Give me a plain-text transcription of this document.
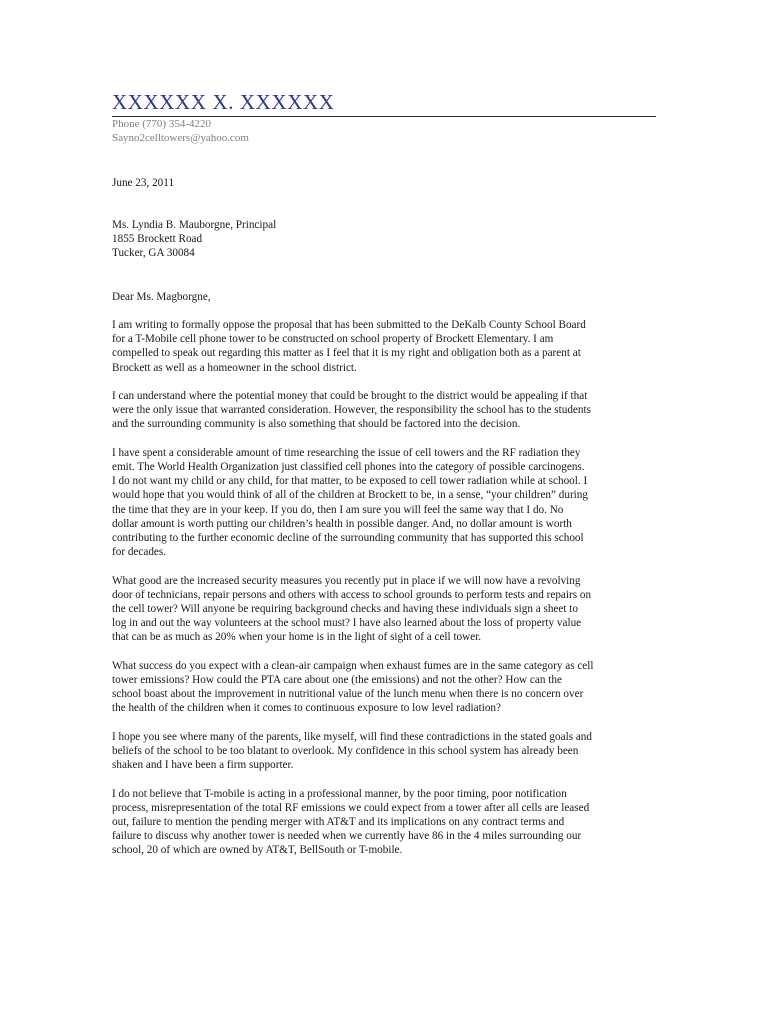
XXXXXX X. XXXXXX
Phone (770) 354-4220
Sayno2celltowers@yahoo.com
June 23, 2011

Ms. Lyndia B. Mauborgne, Principal

1855 Brockett Road

Tucker, GA 30084

Dear Ms. Magborgne,

I am writing to formally oppose the proposal that has been submitted to the DeKalb County School Board
for a T-Mobile cell phone tower to be constructed on school property of Brockett Elementary. I am
compelled to speak out regarding this matter as I feel that it is my right and obligation both as a parent at
Brockett as well as a homeowner in the school district.

I can understand where the potential money that could be brought to the district would be appealing if that
were the only issue that warranted consideration. However, the responsibility the school has to the students
and the surrounding community is also something that should be factored into the decision.

I have spent a considerable amount of time researching the issue of cell towers and the RF radiation they
emit. The World Health Organization just classified cell phones into the category of possible carcinogens.
I do not want my child or any child, for that matter, to be exposed to cell tower radiation while at school. I
would hope that you would think of all of the children at Brockett to be, in a sense, “your children” during
the time that they are in your keep. If you do, then I am sure you will feel the same way that I do. No
dollar amount is worth putting our children’s health in possible danger. And, no dollar amount is worth
contributing to the further economic decline of the surrounding community that has supported this school
for decades.

What good are the increased security measures you recently put in place if we will now have a revolving
door of technicians, repair persons and others with access to school grounds to perform tests and repairs on
the cell tower? Will anyone be requiring background checks and having these individuals sign a sheet to
log in and out the way volunteers at the school must? I have also learned about the loss of property value
that can be as much as 20% when your home is in the light of sight of a cell tower.

What success do you expect with a clean-air campaign when exhaust fumes are in the same category as cell
tower emissions? How could the PTA care about one (the emissions) and not the other? How can the
school boast about the improvement in nutritional value of the lunch menu when there is no concern over
the health of the children when it comes to continuous exposure to low level radiation?

I hope you see where many of the parents, like myself, will find these contradictions in the stated goals and
beliefs of the school to be too blatant to overlook. My confidence in this school system has already been
shaken and I have been a firm supporter.

I do not believe that T-mobile is acting in a professional manner, by the poor timing, poor notification
process, misrepresentation of the total RF emissions we could expect from a tower after all cells are leased
out, failure to mention the pending merger with AT&T and its implications on any contract terms and
failure to discuss why another tower is needed when we currently have 86 in the 4 miles surrounding our
school, 20 of which are owned by AT&T, BellSouth or T-mobile.
